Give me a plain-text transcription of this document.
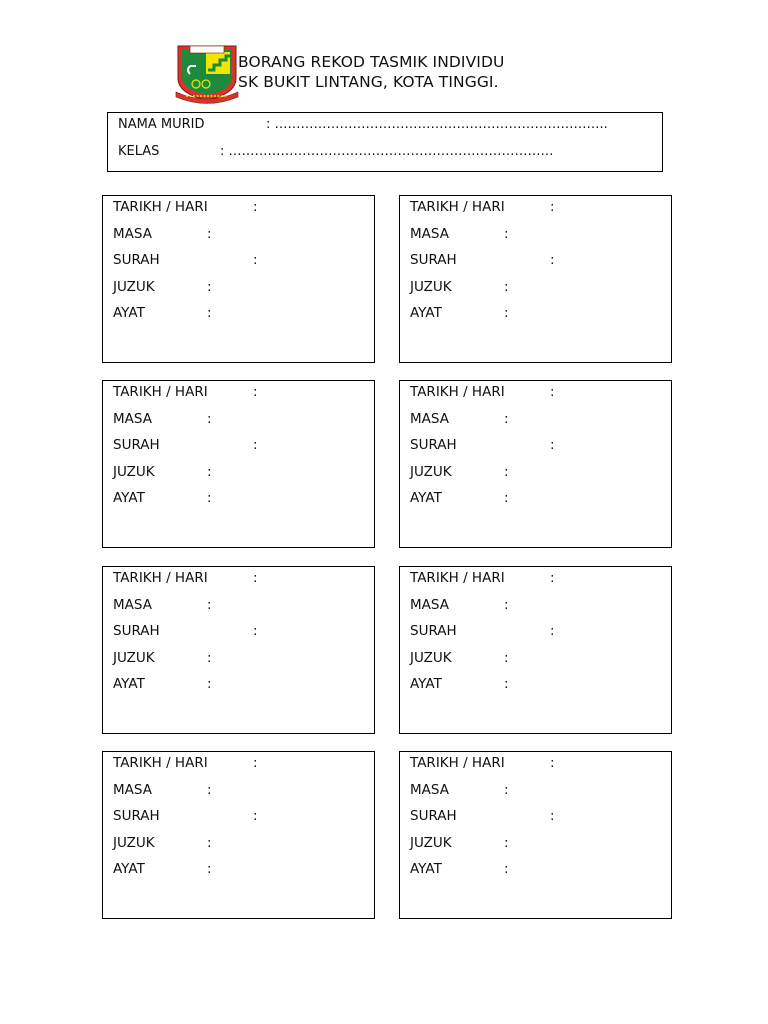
BORANG REKOD TASMIK INDIVIDU
SK BUKIT LINTANG, KOTA TINGGI.
NAMA MURID	: …………………………………………………………………..
KELAS	: …………………………………………………………………
TARIKH / HARI	:
MASA	:
SURAH	:
JUZUK	:
AYAT	:
TARIKH / HARI	:
MASA	:
SURAH	:
JUZUK	:
AYAT	:
TARIKH / HARI	:
MASA	:
SURAH	:
JUZUK	:
AYAT	:
TARIKH / HARI	:
MASA	:
SURAH	:
JUZUK	:
AYAT	:
TARIKH / HARI	:
MASA	:
SURAH	:
JUZUK	:
AYAT	:
TARIKH / HARI	:
MASA	:
SURAH	:
JUZUK	:
AYAT	:
TARIKH / HARI	:
MASA	:
SURAH	:
JUZUK	:
AYAT	:
TARIKH / HARI	:
MASA	:
SURAH	:
JUZUK	:
AYAT	:
